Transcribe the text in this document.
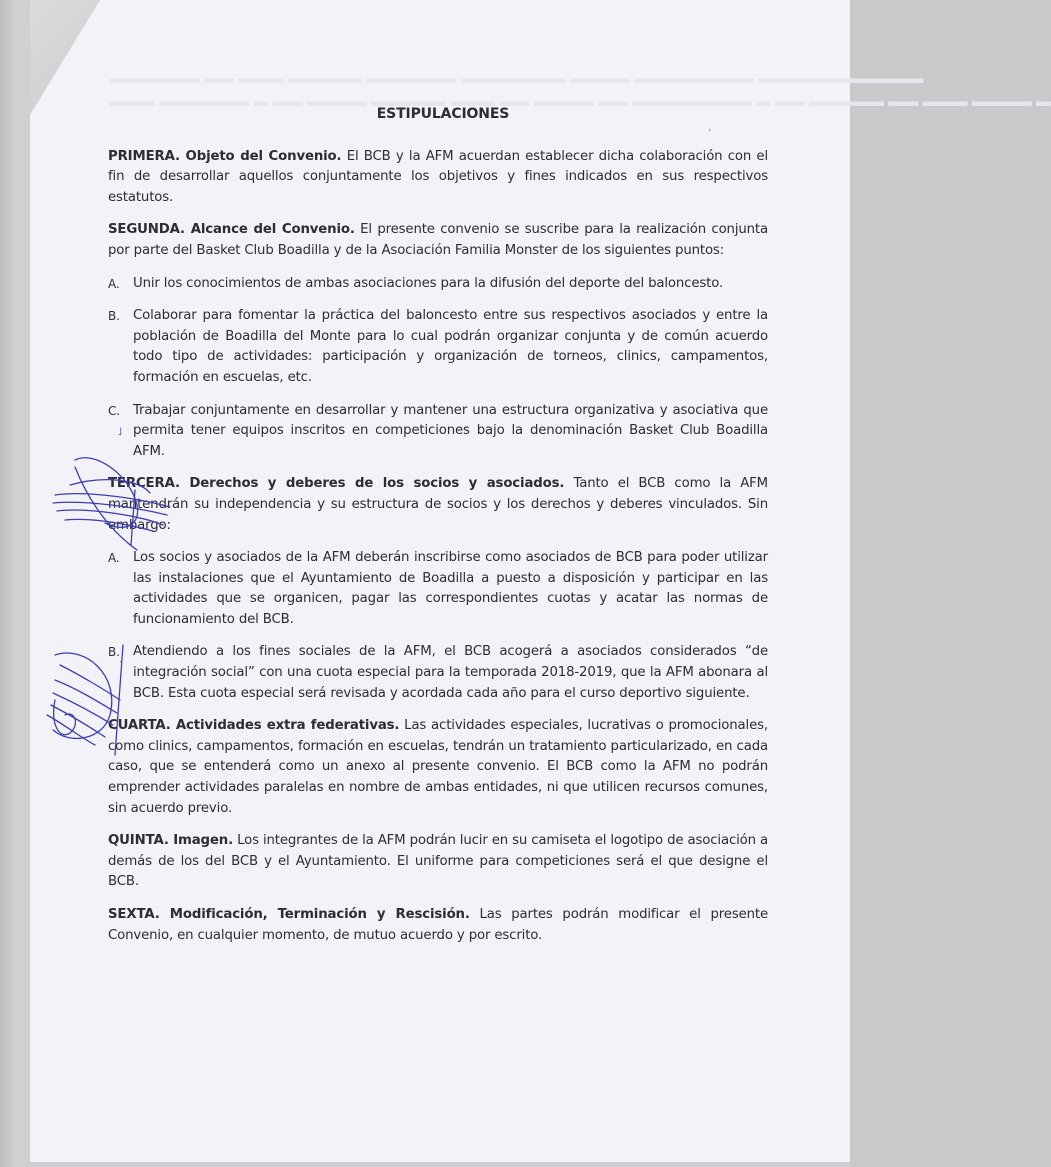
▬▬▬▬▬▬ ▬▬ ▬▬▬ ▬▬▬▬▬ ▬▬▬▬▬▬ ▬▬▬▬▬▬▬ ▬▬▬▬ ▬▬▬▬▬▬▬▬ ▬▬▬▬▬▬▬▬▬▬▬
▬▬▬ ▬▬▬▬▬▬ ▬ ▬▬ ▬▬▬▬ ▬▬▬▬▬ ▬▬▬ ▬▬ ▬▬▬▬ ▬▬ ▬▬▬▬▬▬▬▬ ▬ ▬▬ ▬▬▬▬▬ ▬▬ ▬▬▬ ▬▬▬▬ ▬
ESTIPULACIONES

PRIMERA. Objeto del Convenio. El BCB y la AFM acuerdan establecer dicha colaboración con el fin de desarrollar aquellos conjuntamente los objetivos y fines indicados en sus respectivos estatutos.

SEGUNDA. Alcance del Convenio. El presente convenio se suscribe para la realización conjunta por parte del Basket Club Boadilla y de la Asociación Familia Monster de los siguientes puntos:

A. Unir los conocimientos de ambas asociaciones para la difusión del deporte del baloncesto.
B. Colaborar para fomentar la práctica del baloncesto entre sus respectivos asociados y entre la población de Boadilla del Monte para lo cual podrán organizar conjunta y de común acuerdo todo tipo de actividades: participación y organización de torneos, clinics, campamentos, formación en escuelas, etc.
C. Trabajar conjuntamente en desarrollar y mantener una estructura organizativa y asociativa que permita tener equipos inscritos en competiciones bajo la denominación Basket Club Boadilla AFM.

TERCERA. Derechos y deberes de los socios y asociados. Tanto el BCB como la AFM mantendrán su independencia y su estructura de socios y los derechos y deberes vinculados. Sin embargo:

A. Los socios y asociados de la AFM deberán inscribirse como asociados de BCB para poder utilizar las instalaciones que el Ayuntamiento de Boadilla a puesto a disposición y participar en las actividades que se organicen, pagar las correspondientes cuotas y acatar las normas de funcionamiento del BCB.
B. Atendiendo a los fines sociales de la AFM, el BCB acogerá a asociados considerados “de integración social” con una cuota especial para la temporada 2018-2019, que la AFM abonara al BCB. Esta cuota especial será revisada y acordada cada año para el curso deportivo siguiente.

CUARTA. Actividades extra federativas. Las actividades especiales, lucrativas o promocionales, como clinics, campamentos, formación en escuelas, tendrán un tratamiento particularizado, en cada caso, que se entenderá como un anexo al presente convenio. El BCB como la AFM no podrán emprender actividades paralelas en nombre de ambas entidades, ni que utilicen recursos comunes, sin acuerdo previo.

QUINTA. Imagen. Los integrantes de la AFM podrán lucir en su camiseta el logotipo de asociación a demás de los del BCB y el Ayuntamiento. El uniforme para competiciones será el que designe el BCB.

SEXTA. Modificación, Terminación y Rescisión. Las partes podrán modificar el presente Convenio, en cualquier momento, de mutuo acuerdo y por escrito.

ʼ
˩
ˈ
